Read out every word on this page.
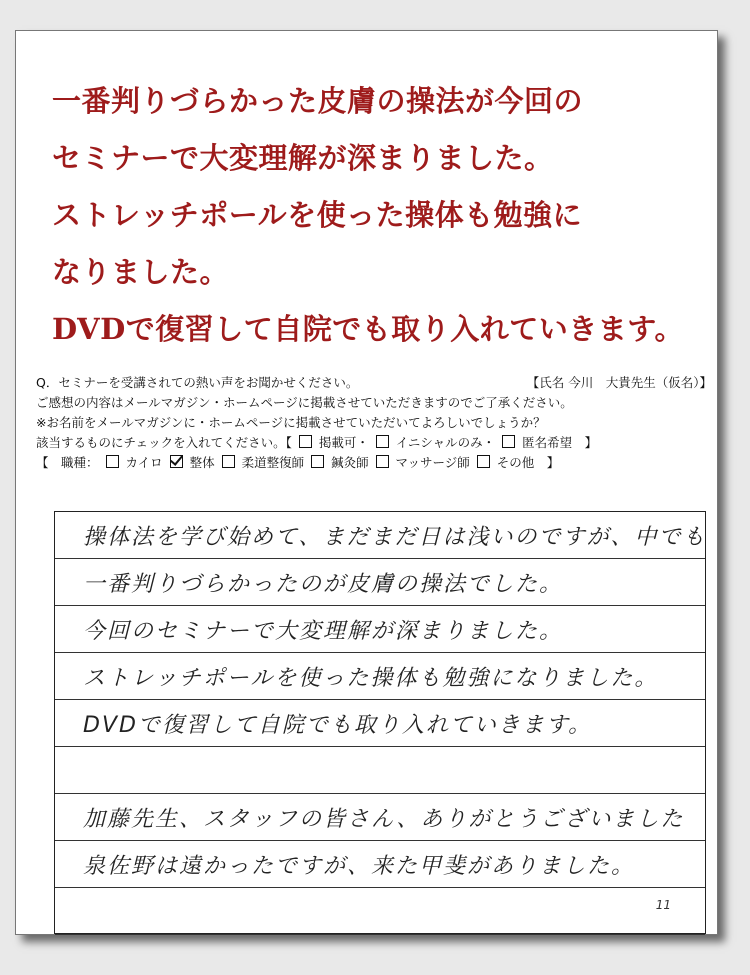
一番判りづらかった皮膚の操法が今回の
セミナーで大変理解が深まりました。
ストレッチポールを使った操体も勉強に
なりました。
DVDで復習して自院でも取り入れていきます。
Q．セミナーを受講されての熱い声をお聞かせください。	【氏名 今川　大貴先生（仮名）】
ご感想の内容はメールマガジン・ホームページに掲載させていただきますのでご了承ください。
※お名前をメールマガジンに・ホームページに掲載させていただいてよろしいでしょうか？
該当するものにチェックを入れてください。【 掲載可・ イニシャルのみ・ 匿名希望　】
【　職種： カイロ 整体 柔道整復師 鍼灸師 マッサージ師 その他　】
操体法を学び始めて、まだまだ日は浅いのですが、中でも
一番判りづらかったのが皮膚の操法でした。
今回のセミナーで大変理解が深まりました。
ストレッチポールを使った操体も勉強になりました。
DVDで復習して自院でも取り入れていきます。
加藤先生、スタッフの皆さん、ありがとうございました
泉佐野は遠かったですが、来た甲斐がありました。
11
